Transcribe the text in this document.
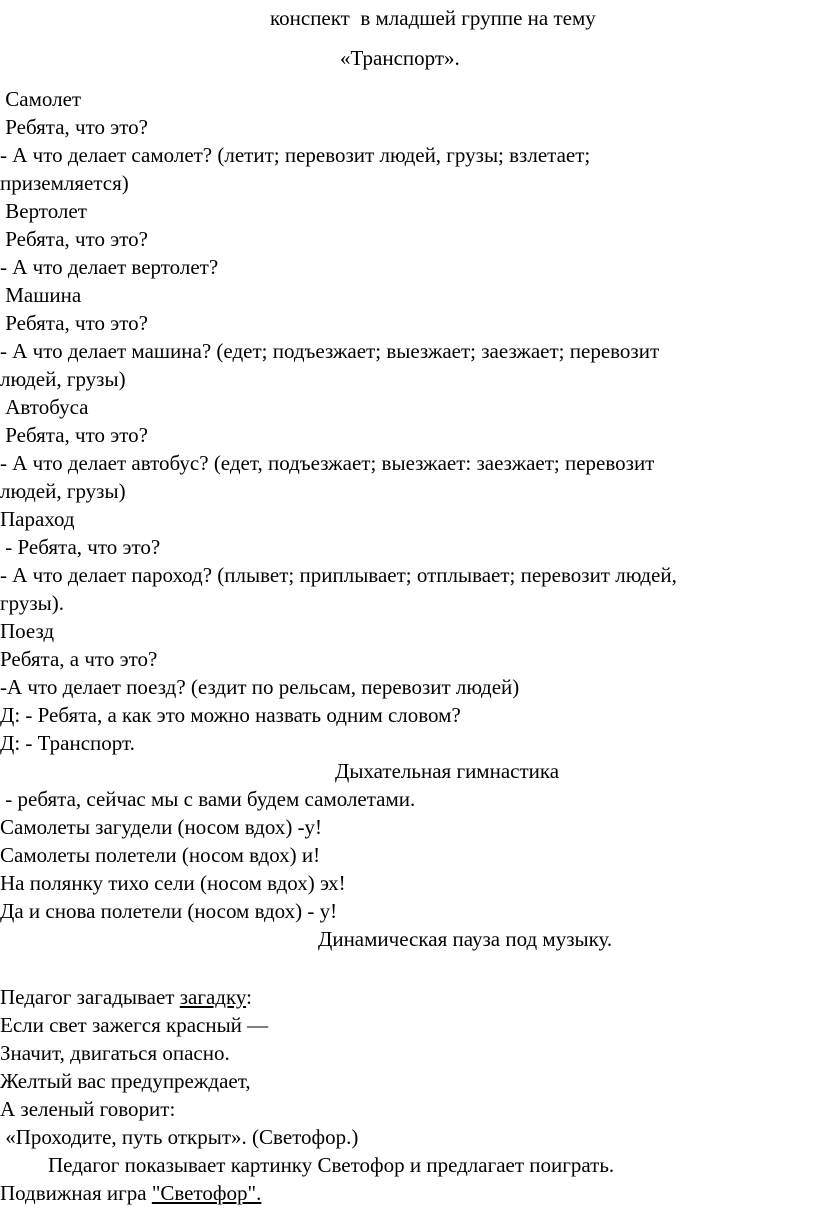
конспект  в младшей группе на тему
«Транспорт».
Самолет
Ребята, что это?
- А что делает самолет? (летит; перевозит людей, грузы; взлетает;
приземляется)
Вертолет
Ребята, что это?
- А что делает вертолет?
Машина
Ребята, что это?
- А что делает машина? (едет; подъезжает; выезжает; заезжает; перевозит
людей, грузы)
Автобуса
Ребята, что это?
- А что делает автобус? (едет, подъезжает; выезжает: заезжает; перевозит
людей, грузы)
Параход
- Ребята, что это?
- А что делает пароход? (плывет; приплывает; отплывает; перевозит людей,
грузы).
Поезд
Ребята, а что это?
-А что делает поезд? (ездит по рельсам, перевозит людей)
Д: - Ребята, а как это можно назвать одним словом?
Д: - Транспорт.
Дыхательная гимнастика
- ребята, сейчас мы с вами будем самолетами.
Самолеты загудели (носом вдох) -у!
Самолеты полетели (носом вдох) и!
На полянку тихо сели (носом вдох) эх!
Да и снова полетели (носом вдох) - у!
Динамическая пауза под музыку.
Педагог загадывает загадку:
Если свет зажегся красный —
Значит, двигаться опасно.
Желтый вас предупреждает,
А зеленый говорит:
«Проходите, путь открыт». (Светофор.)
Педагог показывает картинку Светофор и предлагает поиграть.
Подвижная игра "Светофор".
